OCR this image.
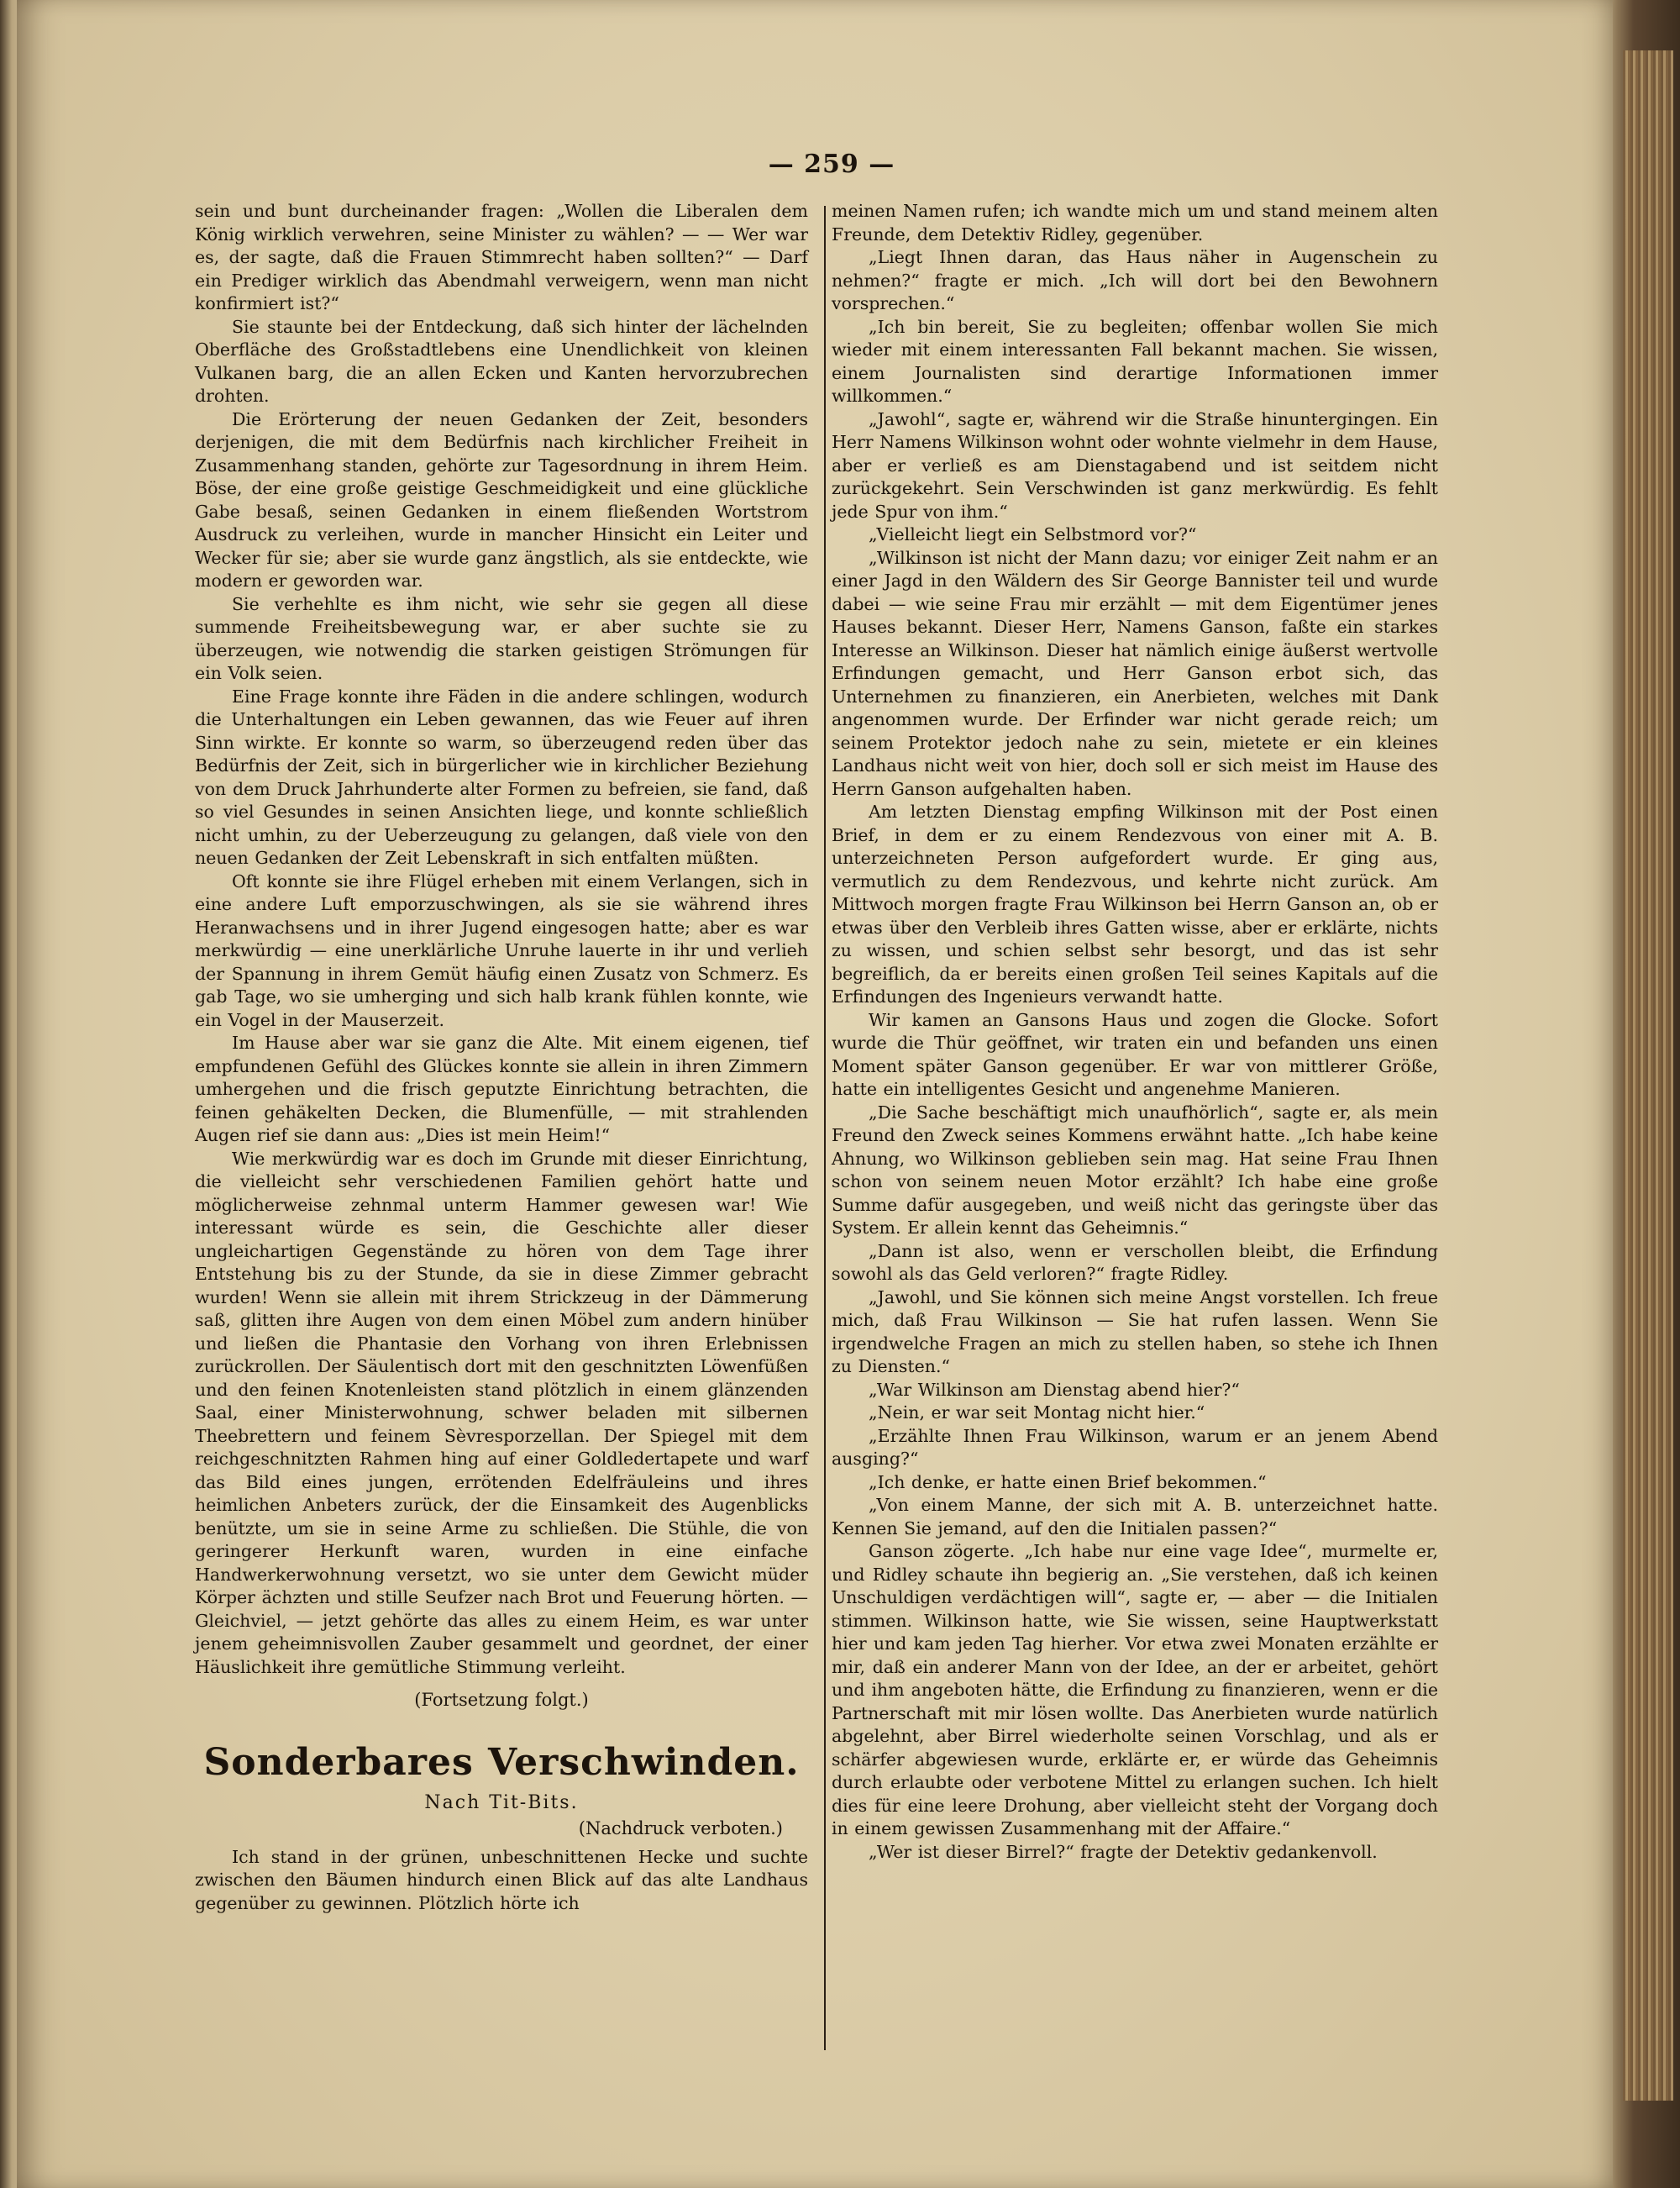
— 259 —

sein und bunt durcheinander fragen: „Wollen die Liberalen dem König wirklich verwehren, seine Minister zu wählen? — — Wer war es, der sagte, daß die Frauen Stimmrecht haben sollten?“ — Darf ein Prediger wirklich das Abendmahl verweigern, wenn man nicht konfirmiert ist?“

Sie staunte bei der Entdeckung, daß sich hinter der lächelnden Oberfläche des Großstadtlebens eine Unendlichkeit von kleinen Vulkanen barg, die an allen Ecken und Kanten hervorzubrechen drohten.

Die Erörterung der neuen Gedanken der Zeit, besonders derjenigen, die mit dem Bedürfnis nach kirchlicher Freiheit in Zusammenhang standen, gehörte zur Tagesordnung in ihrem Heim. Böse, der eine große geistige Geschmeidigkeit und eine glückliche Gabe besaß, seinen Gedanken in einem fließenden Wortstrom Ausdruck zu verleihen, wurde in mancher Hinsicht ein Leiter und Wecker für sie; aber sie wurde ganz ängstlich, als sie entdeckte, wie modern er geworden war.

Sie verhehlte es ihm nicht, wie sehr sie gegen all diese summende Freiheitsbewegung war, er aber suchte sie zu überzeugen, wie notwendig die starken geistigen Strömungen für ein Volk seien.

Eine Frage konnte ihre Fäden in die andere schlingen, wodurch die Unterhaltungen ein Leben gewannen, das wie Feuer auf ihren Sinn wirkte. Er konnte so warm, so überzeugend reden über das Bedürfnis der Zeit, sich in bürgerlicher wie in kirchlicher Beziehung von dem Druck Jahrhunderte alter Formen zu befreien, sie fand, daß so viel Gesundes in seinen Ansichten liege, und konnte schließlich nicht umhin, zu der Ueberzeugung zu gelangen, daß viele von den neuen Gedanken der Zeit Lebenskraft in sich entfalten müßten.

Oft konnte sie ihre Flügel erheben mit einem Verlangen, sich in eine andere Luft emporzuschwingen, als sie sie während ihres Heranwachsens und in ihrer Jugend eingesogen hatte; aber es war merkwürdig — eine unerklärliche Unruhe lauerte in ihr und verlieh der Spannung in ihrem Gemüt häufig einen Zusatz von Schmerz. Es gab Tage, wo sie umherging und sich halb krank fühlen konnte, wie ein Vogel in der Mauserzeit.

Im Hause aber war sie ganz die Alte. Mit einem eigenen, tief empfundenen Gefühl des Glückes konnte sie allein in ihren Zimmern umhergehen und die frisch geputzte Einrichtung betrachten, die feinen gehäkelten Decken, die Blumenfülle, — mit strahlenden Augen rief sie dann aus: „Dies ist mein Heim!“

Wie merkwürdig war es doch im Grunde mit dieser Einrichtung, die vielleicht sehr verschiedenen Familien gehört hatte und möglicherweise zehnmal unterm Hammer gewesen war! Wie interessant würde es sein, die Geschichte aller dieser ungleichartigen Gegenstände zu hören von dem Tage ihrer Entstehung bis zu der Stunde, da sie in diese Zimmer gebracht wurden! Wenn sie allein mit ihrem Strickzeug in der Dämmerung saß, glitten ihre Augen von dem einen Möbel zum andern hinüber und ließen die Phantasie den Vorhang von ihren Erlebnissen zurückrollen. Der Säulentisch dort mit den geschnitzten Löwenfüßen und den feinen Knotenleisten stand plötzlich in einem glänzenden Saal, einer Ministerwohnung, schwer beladen mit silbernen Theebrettern und feinem Sèvresporzellan. Der Spiegel mit dem reichgeschnitzten Rahmen hing auf einer Goldledertapete und warf das Bild eines jungen, errötenden Edelfräuleins und ihres heimlichen Anbeters zurück, der die Einsamkeit des Augenblicks benützte, um sie in seine Arme zu schließen. Die Stühle, die von geringerer Herkunft waren, wurden in eine einfache Handwerkerwohnung versetzt, wo sie unter dem Gewicht müder Körper ächzten und stille Seufzer nach Brot und Feuerung hörten. — Gleichviel, — jetzt gehörte das alles zu einem Heim, es war unter jenem geheimnisvollen Zauber gesammelt und geordnet, der einer Häuslichkeit ihre gemütliche Stimmung verleiht.

(Fortsetzung folgt.)
Sonderbares Verschwinden.
Nach Tit-Bits.
(Nachdruck verboten.)

Ich stand in der grünen, unbeschnittenen Hecke und suchte zwischen den Bäumen hindurch einen Blick auf das alte Landhaus gegenüber zu gewinnen. Plötzlich hörte ich

meinen Namen rufen; ich wandte mich um und stand meinem alten Freunde, dem Detektiv Ridley, gegenüber.

„Liegt Ihnen daran, das Haus näher in Augenschein zu nehmen?“ fragte er mich. „Ich will dort bei den Bewohnern vorsprechen.“

„Ich bin bereit, Sie zu begleiten; offenbar wollen Sie mich wieder mit einem interessanten Fall bekannt machen. Sie wissen, einem Journalisten sind derartige Informationen immer willkommen.“

„Jawohl“, sagte er, während wir die Straße hinuntergingen. Ein Herr Namens Wilkinson wohnt oder wohnte vielmehr in dem Hause, aber er verließ es am Dienstagabend und ist seitdem nicht zurückgekehrt. Sein Verschwinden ist ganz merkwürdig. Es fehlt jede Spur von ihm.“

„Vielleicht liegt ein Selbstmord vor?“

„Wilkinson ist nicht der Mann dazu; vor einiger Zeit nahm er an einer Jagd in den Wäldern des Sir George Bannister teil und wurde dabei — wie seine Frau mir erzählt — mit dem Eigentümer jenes Hauses bekannt. Dieser Herr, Namens Ganson, faßte ein starkes Interesse an Wilkinson. Dieser hat nämlich einige äußerst wertvolle Erfindungen gemacht, und Herr Ganson erbot sich, das Unternehmen zu finanzieren, ein Anerbieten, welches mit Dank angenommen wurde. Der Erfinder war nicht gerade reich; um seinem Protektor jedoch nahe zu sein, mietete er ein kleines Landhaus nicht weit von hier, doch soll er sich meist im Hause des Herrn Ganson aufgehalten haben.

Am letzten Dienstag empfing Wilkinson mit der Post einen Brief, in dem er zu einem Rendezvous von einer mit A. B. unterzeichneten Person aufgefordert wurde. Er ging aus, vermutlich zu dem Rendezvous, und kehrte nicht zurück. Am Mittwoch morgen fragte Frau Wilkinson bei Herrn Ganson an, ob er etwas über den Verbleib ihres Gatten wisse, aber er erklärte, nichts zu wissen, und schien selbst sehr besorgt, und das ist sehr begreiflich, da er bereits einen großen Teil seines Kapitals auf die Erfindungen des Ingenieurs verwandt hatte.

Wir kamen an Gansons Haus und zogen die Glocke. Sofort wurde die Thür geöffnet, wir traten ein und befanden uns einen Moment später Ganson gegenüber. Er war von mittlerer Größe, hatte ein intelligentes Gesicht und angenehme Manieren.

„Die Sache beschäftigt mich unaufhörlich“, sagte er, als mein Freund den Zweck seines Kommens erwähnt hatte. „Ich habe keine Ahnung, wo Wilkinson geblieben sein mag. Hat seine Frau Ihnen schon von seinem neuen Motor erzählt? Ich habe eine große Summe dafür ausgegeben, und weiß nicht das geringste über das System. Er allein kennt das Geheimnis.“

„Dann ist also, wenn er verschollen bleibt, die Erfindung sowohl als das Geld verloren?“ fragte Ridley.

„Jawohl, und Sie können sich meine Angst vorstellen. Ich freue mich, daß Frau Wilkinson — Sie hat rufen lassen. Wenn Sie irgendwelche Fragen an mich zu stellen haben, so stehe ich Ihnen zu Diensten.“

„War Wilkinson am Dienstag abend hier?“

„Nein, er war seit Montag nicht hier.“

„Erzählte Ihnen Frau Wilkinson, warum er an jenem Abend ausging?“

„Ich denke, er hatte einen Brief bekommen.“

„Von einem Manne, der sich mit A. B. unterzeichnet hatte. Kennen Sie jemand, auf den die Initialen passen?“

Ganson zögerte. „Ich habe nur eine vage Idee“, murmelte er, und Ridley schaute ihn begierig an. „Sie verstehen, daß ich keinen Unschuldigen verdächtigen will“, sagte er, — aber — die Initialen stimmen. Wilkinson hatte, wie Sie wissen, seine Hauptwerkstatt hier und kam jeden Tag hierher. Vor etwa zwei Monaten erzählte er mir, daß ein anderer Mann von der Idee, an der er arbeitet, gehört und ihm angeboten hätte, die Erfindung zu finanzieren, wenn er die Partnerschaft mit mir lösen wollte. Das Anerbieten wurde natürlich abgelehnt, aber Birrel wiederholte seinen Vorschlag, und als er schärfer abgewiesen wurde, erklärte er, er würde das Geheimnis durch erlaubte oder verbotene Mittel zu erlangen suchen. Ich hielt dies für eine leere Drohung, aber vielleicht steht der Vorgang doch in einem gewissen Zusammenhang mit der Affaire.“

„Wer ist dieser Birrel?“ fragte der Detektiv gedankenvoll.
